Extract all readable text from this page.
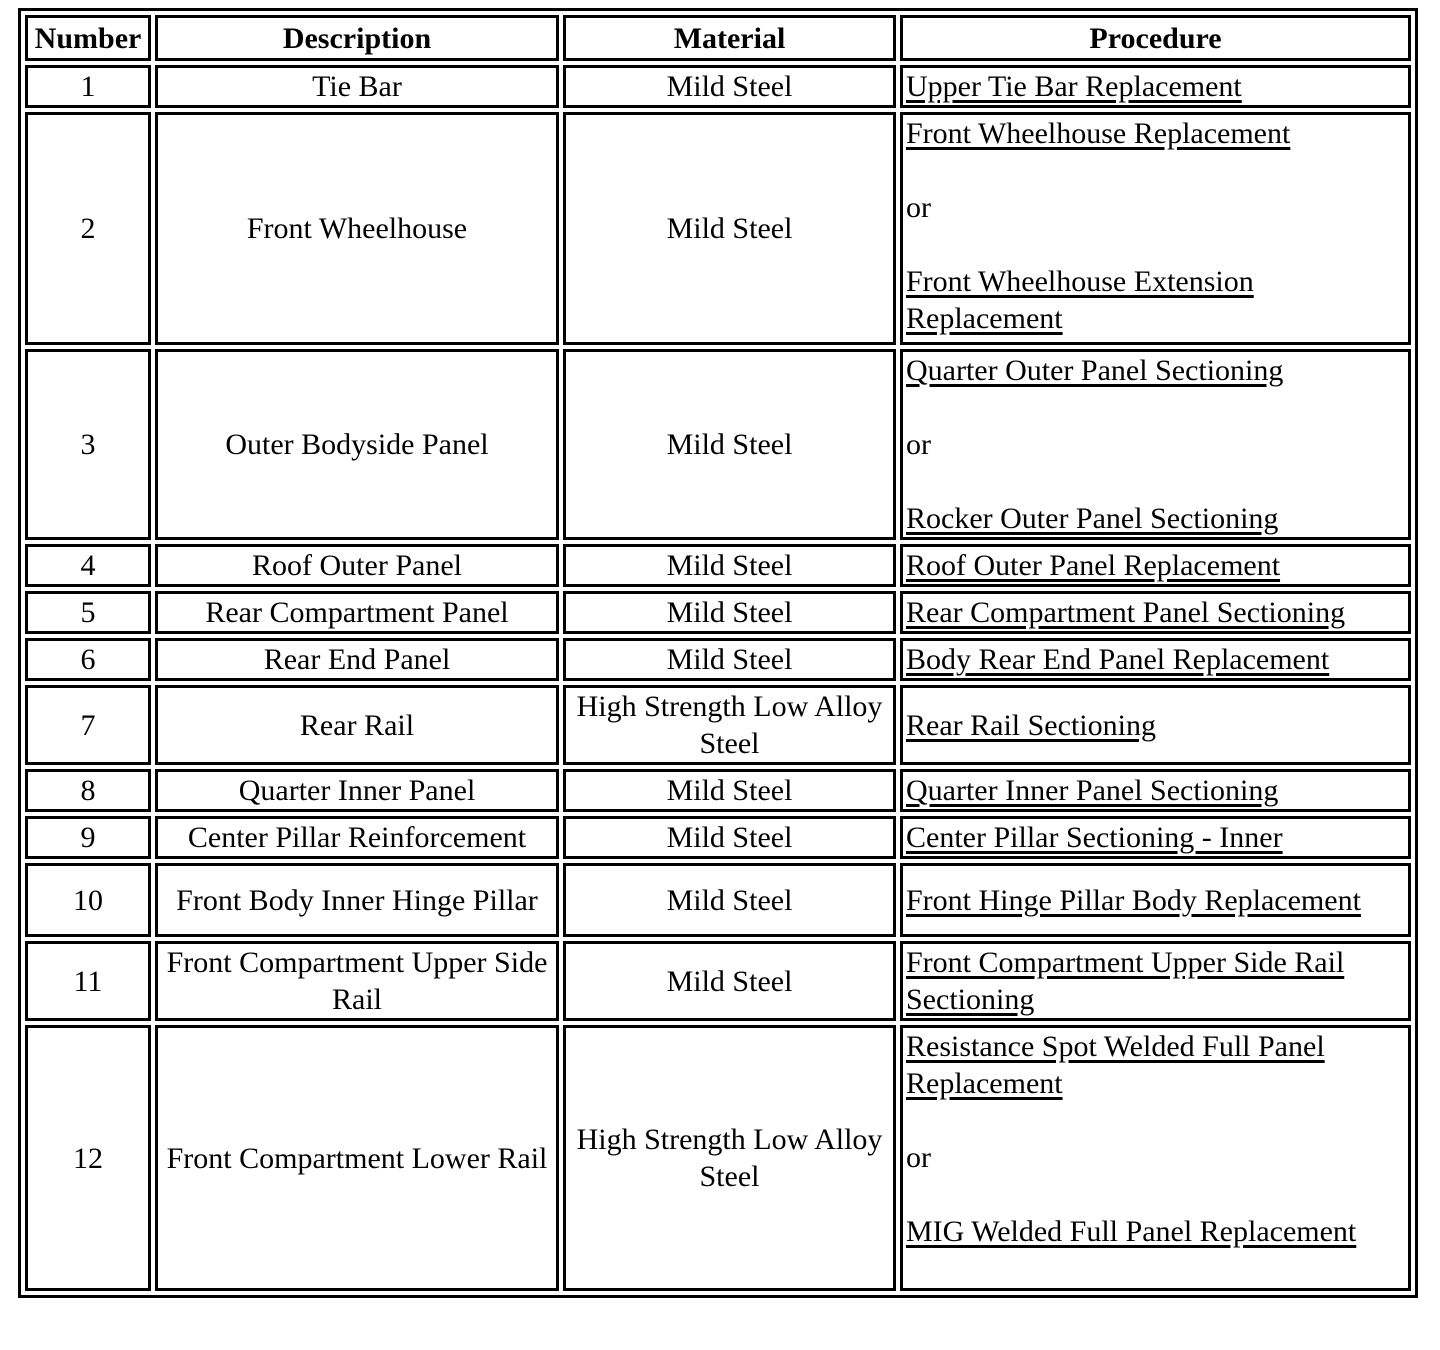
Number	Description	Material	Procedure
1	Tie Bar	Mild Steel	Upper Tie Bar Replacement
2	Front Wheelhouse	Mild Steel	Front Wheelhouse Replacement

or

Front Wheelhouse Extension Replacement
3	Outer Bodyside Panel	Mild Steel	Quarter Outer Panel Sectioning

or

Rocker Outer Panel Sectioning
4	Roof Outer Panel	Mild Steel	Roof Outer Panel Replacement
5	Rear Compartment Panel	Mild Steel	Rear Compartment Panel Sectioning
6	Rear End Panel	Mild Steel	Body Rear End Panel Replacement
7	Rear Rail	High Strength Low Alloy Steel	Rear Rail Sectioning
8	Quarter Inner Panel	Mild Steel	Quarter Inner Panel Sectioning
9	Center Pillar Reinforcement	Mild Steel	Center Pillar Sectioning - Inner
10	Front Body Inner Hinge Pillar	Mild Steel	Front Hinge Pillar Body Replacement
11	Front Compartment Upper Side Rail	Mild Steel	Front Compartment Upper Side Rail Sectioning
12	Front Compartment Lower Rail	High Strength Low Alloy Steel	Resistance Spot Welded Full Panel Replacement

or

MIG Welded Full Panel Replacement
